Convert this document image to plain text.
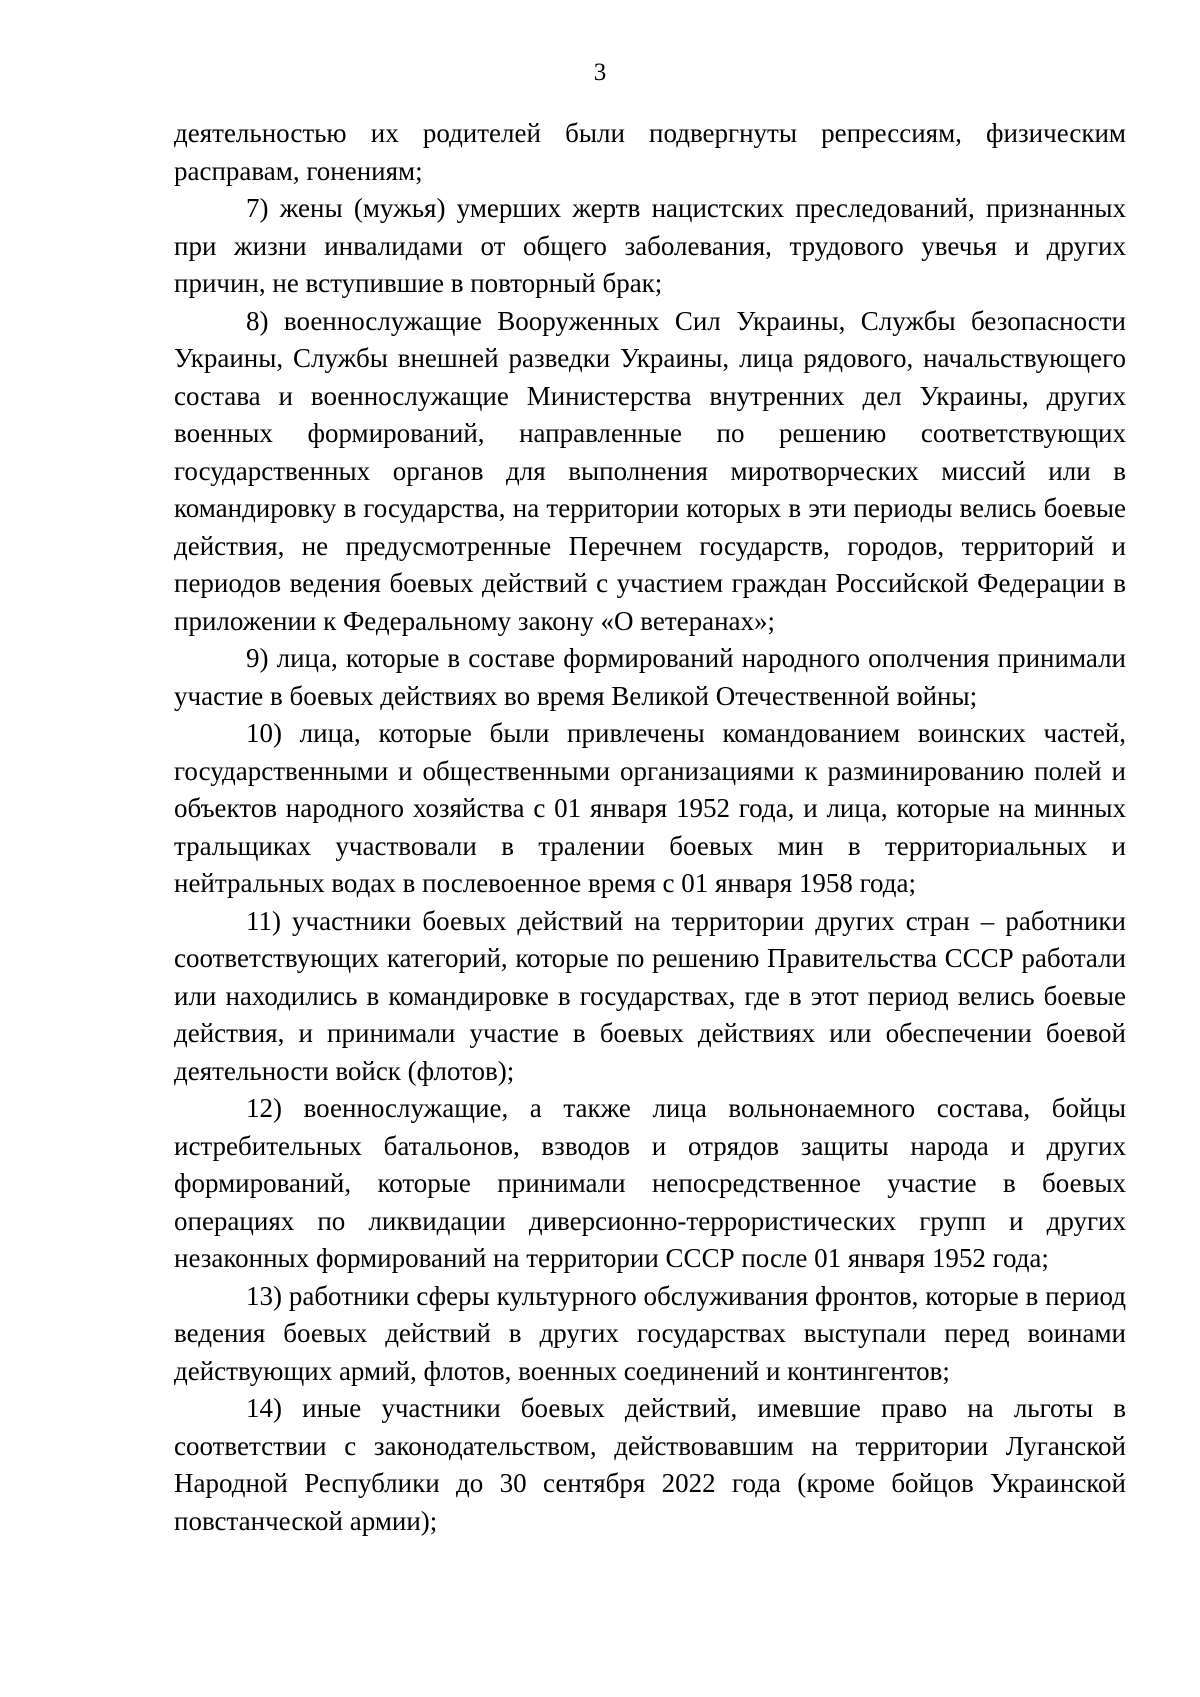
3

деятельностью их родителей были подвергнуты репрессиям, физическим расправам, гонениям;

7) жены (мужья) умерших жертв нацистских преследований, признанных при жизни инвалидами от общего заболевания, трудового увечья и других причин, не вступившие в повторный брак;

8) военнослужащие Вооруженных Сил Украины, Службы безопасности Украины, Службы внешней разведки Украины, лица рядового, начальствующего состава и военнослужащие Министерства внутренних дел Украины, других военных формирований, направленные по решению соответствующих государственных органов для выполнения миротворческих миссий или в командировку в государства, на территории которых в эти периоды велись боевые действия, не предусмотренные Перечнем государств, городов, территорий и периодов ведения боевых действий с участием граждан Российской Федерации в приложении к Федеральному закону «О ветеранах»;

9) лица, которые в составе формирований народного ополчения принимали участие в боевых действиях во время Великой Отечественной войны;

10) лица, которые были привлечены командованием воинских частей, государственными и общественными организациями к разминированию полей и объектов народного хозяйства с 01 января 1952 года, и лица, которые на минных тральщиках участвовали в тралении боевых мин в территориальных и нейтральных водах в послевоенное время с 01 января 1958 года;

11) участники боевых действий на территории других стран – работники соответствующих категорий, которые по решению Правительства СССР работали или находились в командировке в государствах, где в этот период велись боевые действия, и принимали участие в боевых действиях или обеспечении боевой деятельности войск (флотов);

12) военнослужащие, а также лица вольнонаемного состава, бойцы истребительных батальонов, взводов и отрядов защиты народа и других формирований, которые принимали непосредственное участие в боевых операциях по ликвидации диверсионно-террористических групп и других незаконных формирований на территории СССР после 01 января 1952 года;

13) работники сферы культурного обслуживания фронтов, которые в период ведения боевых действий в других государствах выступали перед воинами действующих армий, флотов, военных соединений и контингентов;

14) иные участники боевых действий, имевшие право на льготы в соответствии с законодательством, действовавшим на территории Луганской Народной Республики до 30 сентября 2022 года (кроме бойцов Украинской повстанческой армии);
